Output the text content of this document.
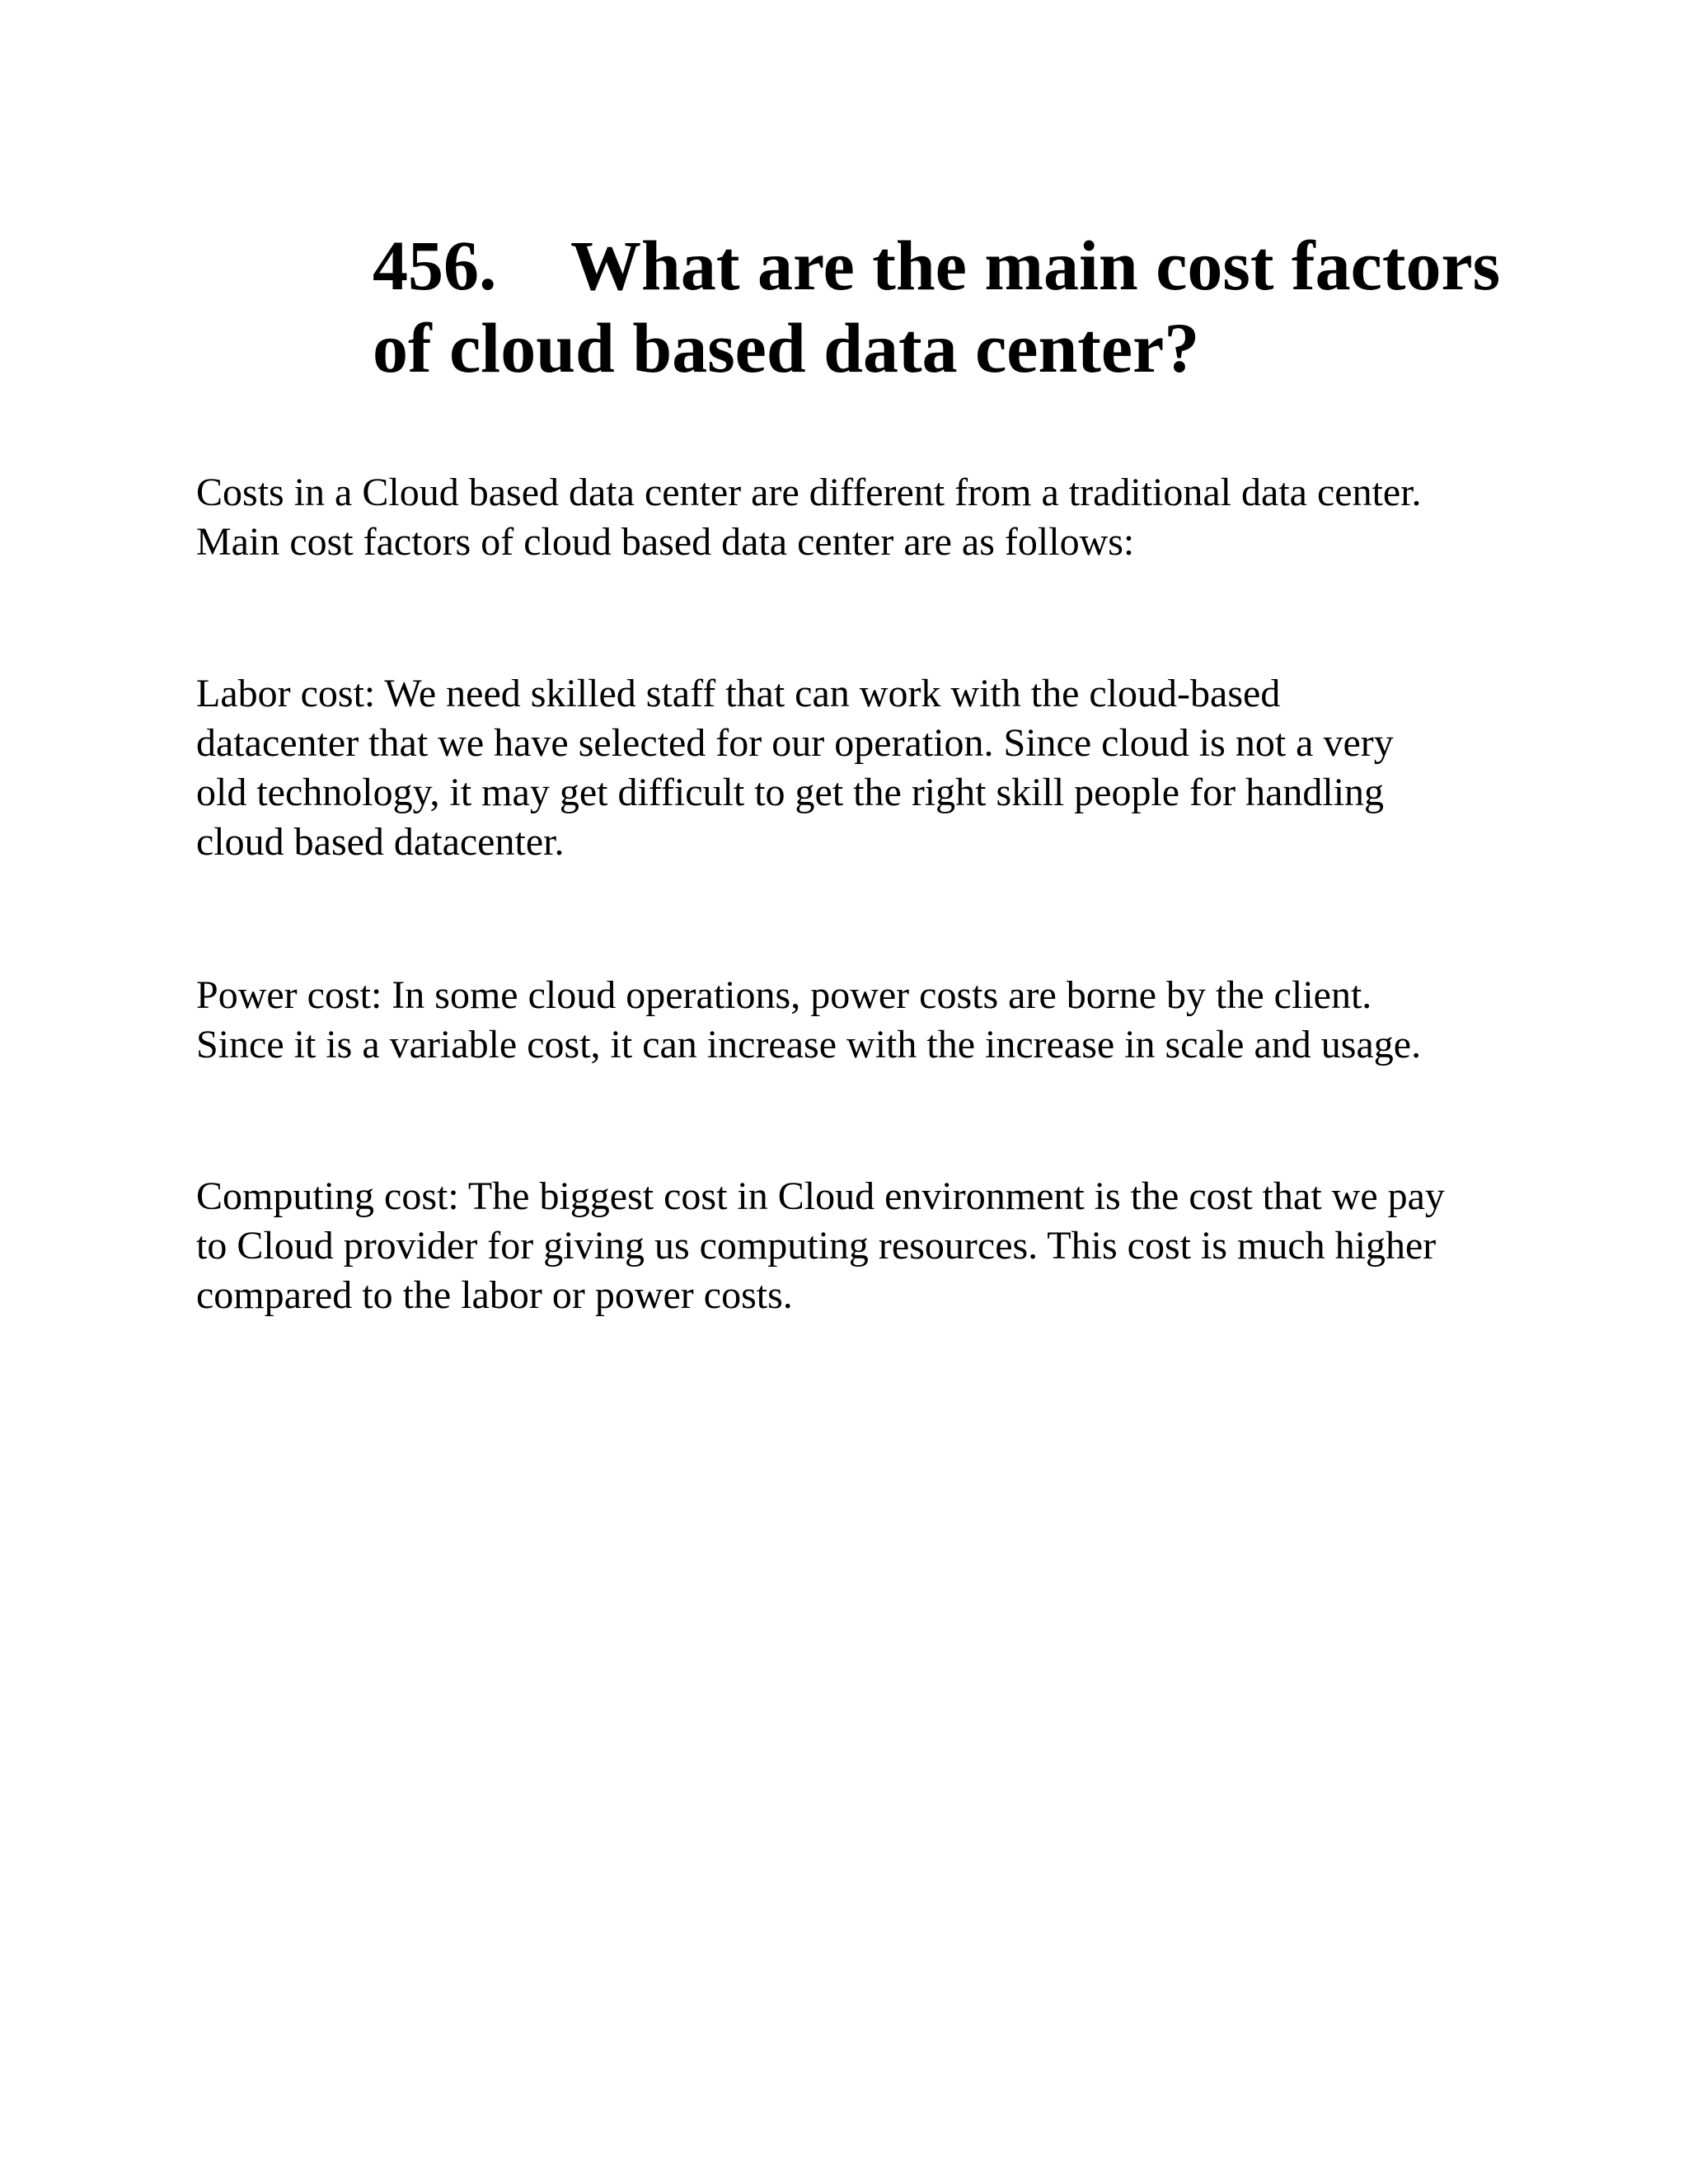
456. What are the main cost factors
of cloud based data center?

Costs in a Cloud based data center are different from a traditional data center.
Main cost factors of cloud based data center are as follows:

Labor cost: We need skilled staff that can work with the cloud-based
datacenter that we have selected for our operation. Since cloud is not a very
old technology, it may get difficult to get the right skill people for handling
cloud based datacenter.

Power cost: In some cloud operations, power costs are borne by the client.
Since it is a variable cost, it can increase with the increase in scale and usage.

Computing cost: The biggest cost in Cloud environment is the cost that we pay
to Cloud provider for giving us computing resources. This cost is much higher
compared to the labor or power costs.
